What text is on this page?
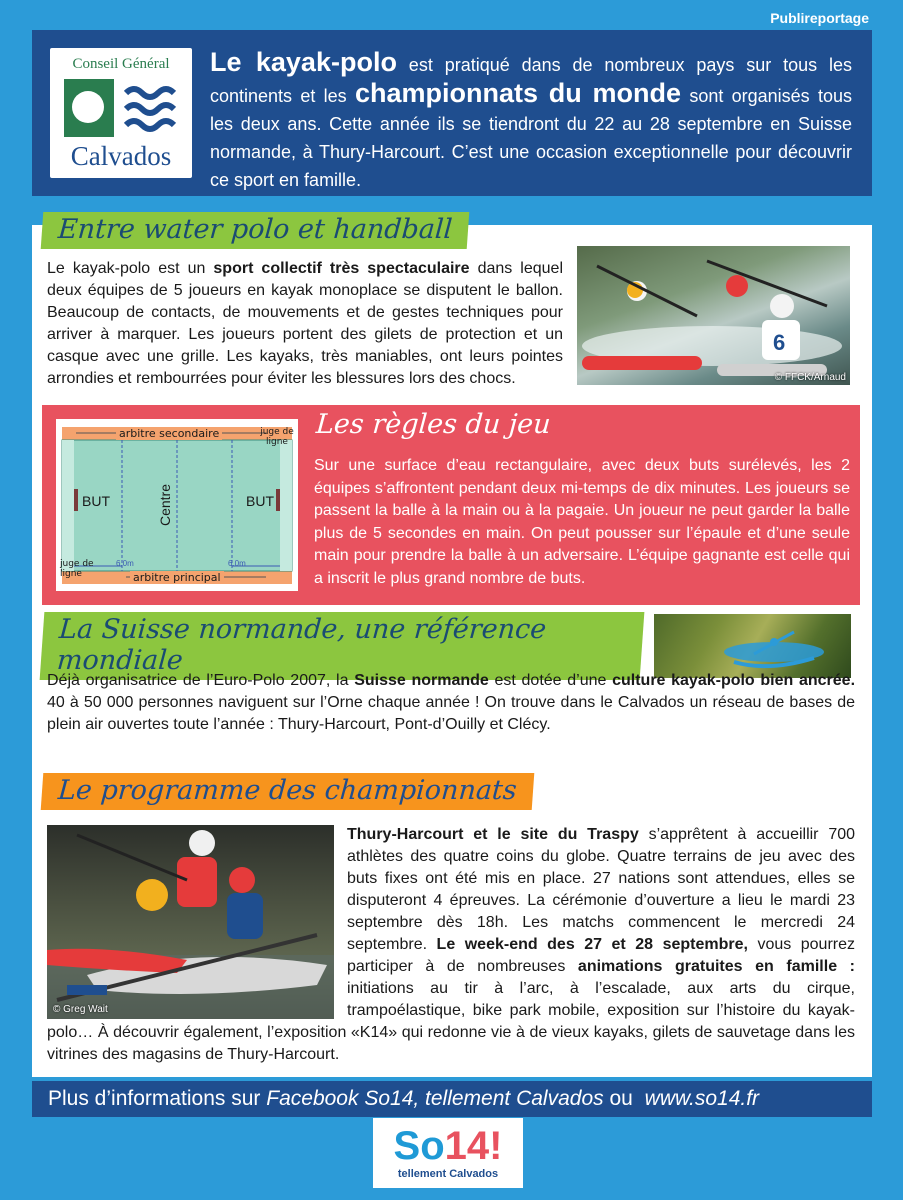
Publireportage
Conseil Général
Calvados
Le kayak-polo est pratiqué dans de nombreux pays sur tous les continents et les championnats du monde sont organisés tous les deux ans. Cette année ils se tiendront du 22 au 28 septembre en Suisse normande, à Thury-Harcourt. C’est une occasion exceptionnelle pour découvrir ce sport en famille.
Entre water polo et handball
Le kayak-polo est un sport collectif très spectaculaire dans lequel deux équipes de 5 joueurs en kayak monoplace se disputent le ballon. Beaucoup de contacts, de mouvements et de gestes techniques pour arriver à marquer. Les joueurs portent des gilets de protection et un casque avec une grille. Les kayaks, très maniables, ont leurs pointes arrondies et rembourrées pour éviter les blessures lors des chocs.
6
© FFCK/Arnaud
arbitre secondaire
arbitre principal
juge de ligne
juge de ligne
BUT	BUT
Centre
6.0m	6.0m
Les règles du jeu
Sur une surface d’eau rectangulaire, avec deux buts surélevés, les 2 équipes s’affrontent pendant deux mi-temps de dix minutes. Les joueurs se passent la balle à la main ou à la pagaie. Un joueur ne peut garder la balle plus de 5 secondes en main. On peut pousser sur l’épaule et d’une seule main pour prendre la balle à un adversaire. L’équipe gagnante est celle qui a inscrit le plus grand nombre de buts.
La Suisse normande, une référence mondiale
Déjà organisatrice de l’Euro-Polo 2007, la Suisse normande est dotée d’une culture kayak-polo bien ancrée. 40 à 50 000 personnes naviguent sur l’Orne chaque année ! On trouve dans le Calvados un réseau de bases de plein air ouvertes toute l’année : Thury-Harcourt, Pont-d’Ouilly et Clécy.
Le programme des championnats
© Greg Wait
Thury-Harcourt et le site du Traspy s’apprêtent à accueillir 700 athlètes des quatre coins du globe. Quatre terrains de jeu avec des buts fixes ont été mis en place. 27 nations sont attendues, elles se disputeront 4 épreuves. La cérémonie d’ouverture a lieu le mardi 23 septembre dès 18h. Les matchs commencent le mercredi 24 septembre. Le week-end des 27 et 28 septembre, vous pourrez participer à de nombreuses animations gratuites en famille : initiations au tir à l’arc, à l’escalade, aux arts du cirque, trampoélastique, bike park mobile, exposition sur l’histoire du kayak-polo… À découvrir également, l’exposition «K14» qui redonne vie à de vieux kayaks, gilets de sauvetage dans les vitrines des magasins de Thury-Harcourt.
Plus d’informations sur Facebook So14, tellement Calvados ou www.so14.fr
So14!
tellement Calvados
